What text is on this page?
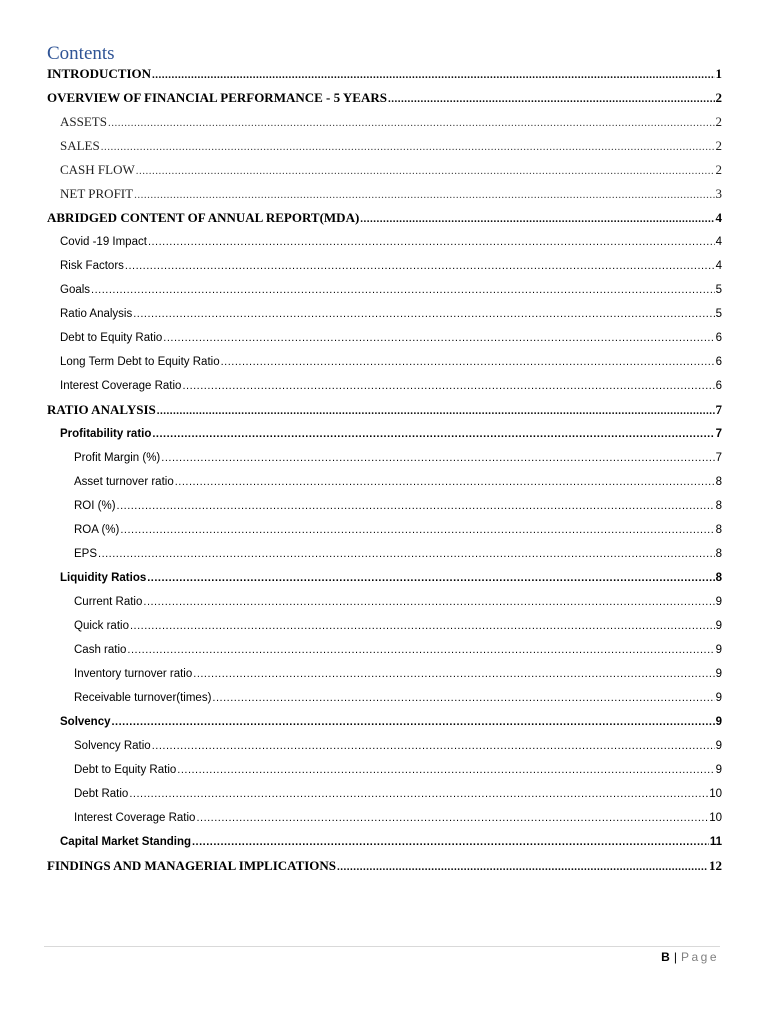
Contents
INTRODUCTION .....	1
OVERVIEW OF FINANCIAL PERFORMANCE - 5 YEARS .....	2
ASSETS .....	2
SALES .....	2
CASH FLOW .....	2
NET PROFIT .....	3
ABRIDGED CONTENT OF ANNUAL REPORT(MDA) .....	4
Covid -19 Impact .....	4
Risk Factors .....	4
Goals .....	5
Ratio Analysis .....	5
Debt to Equity Ratio .....	6
Long Term Debt to Equity Ratio .....	6
Interest Coverage Ratio .....	6
RATIO ANALYSIS .....	7
Profitability ratio .....	7
Profit Margin (%) .....	7
Asset turnover ratio .....	8
ROI (%) .....	8
ROA (%) .....	8
EPS .....	8
Liquidity Ratios .....	8
Current Ratio .....	9
Quick ratio .....	9
Cash ratio .....	9
Inventory turnover ratio .....	9
Receivable turnover(times) .....	9
Solvency .....	9
Solvency Ratio .....	9
Debt to Equity Ratio .....	9
Debt Ratio .....	10
Interest Coverage Ratio .....	10
Capital Market Standing .....	11
FINDINGS AND MANAGERIAL IMPLICATIONS .....	12
B | Page
